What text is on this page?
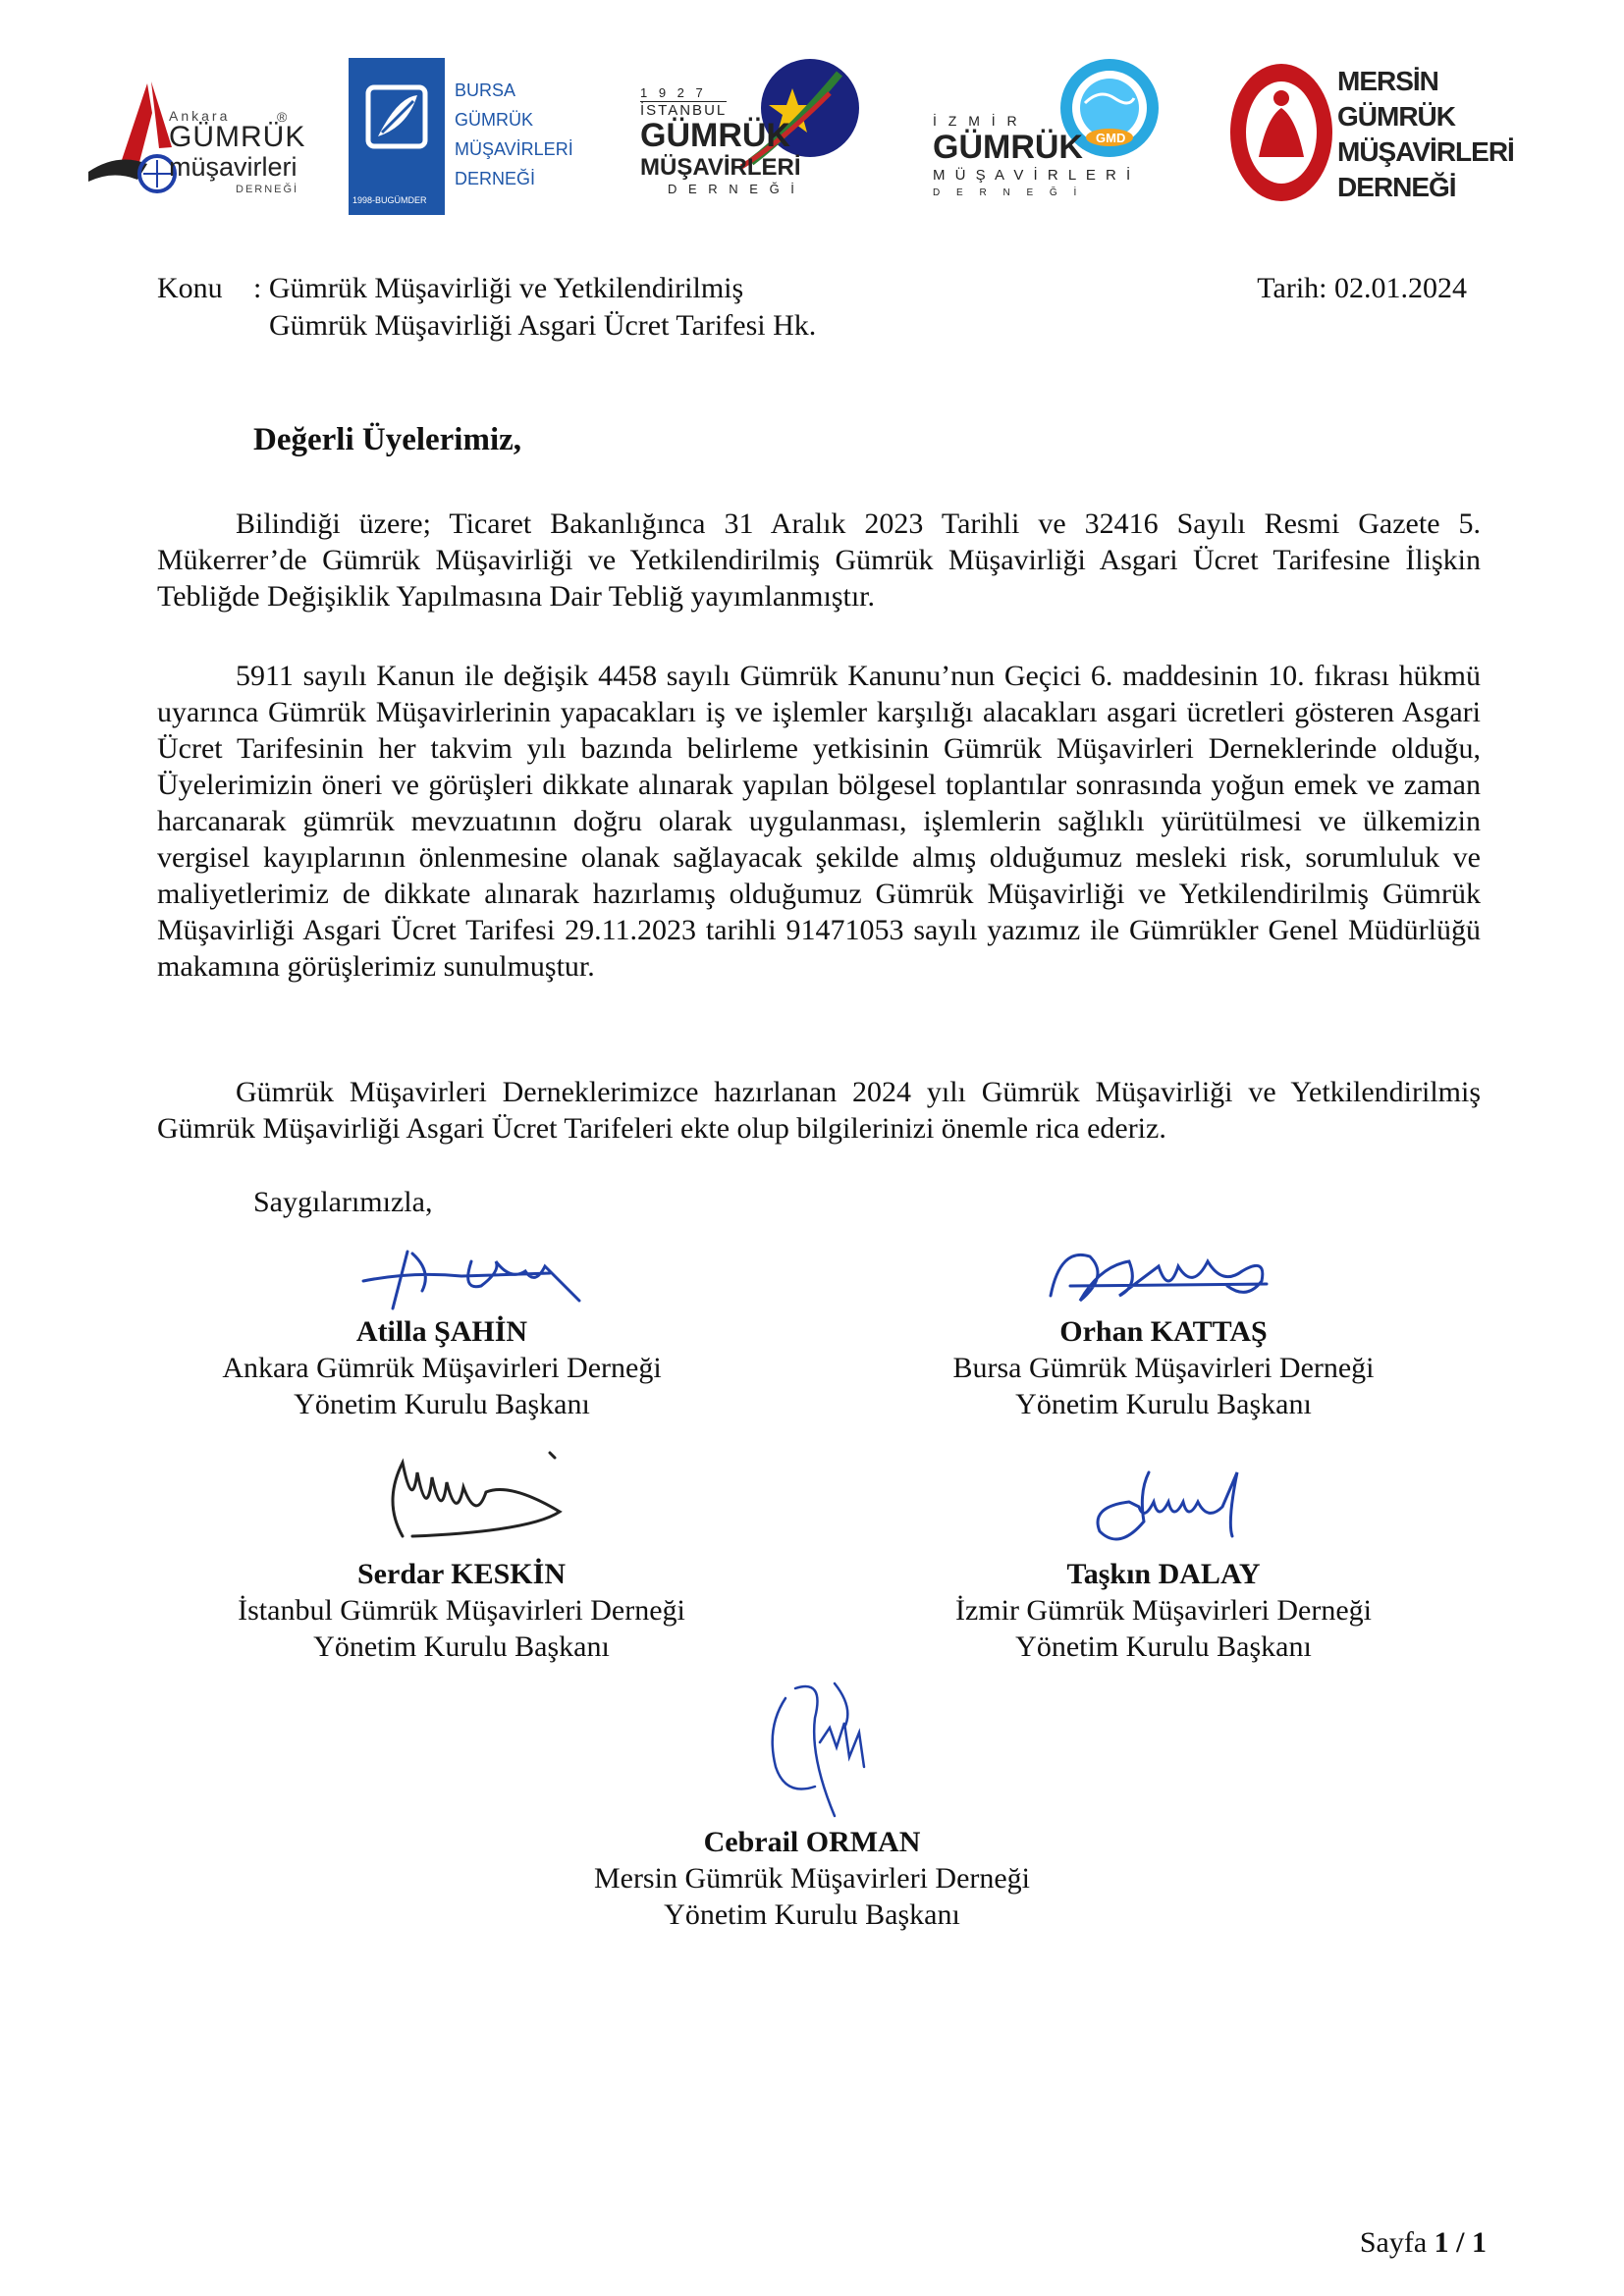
Ankara
GÜMRÜK
müşavirleri
DERNEĞİ
®
1998-BUGÜMDER
BURSA
GÜMRÜK
MÜŞAVİRLERİ
DERNEĞİ
1 9 2 7
İSTANBUL
GÜMRÜK
MÜŞAVİRLERİ
D E R N E Ğ İ
GMD
İ Z M İ R
GÜMRÜK
M Ü Ş A V İ R L E R İ
D E R N E Ğ İ
MERSİN
GÜMRÜK
MÜŞAVİRLERİ
DERNEĞİ
Konu : Gümrük Müşavirliği ve Yetkilendirilmiş
Gümrük Müşavirliği Asgari Ücret Tarifesi Hk.
Tarih: 02.01.2024
Değerli Üyelerimiz,

Bilindiği üzere; Ticaret Bakanlığınca 31 Aralık 2023 Tarihli ve 32416 Sayılı Resmi Gazete 5. Mükerrer’de Gümrük Müşavirliği ve Yetkilendirilmiş Gümrük Müşavirliği Asgari Ücret Tarifesine İlişkin Tebliğde Değişiklik Yapılmasına Dair Tebliğ yayımlanmıştır.

5911 sayılı Kanun ile değişik 4458 sayılı Gümrük Kanunu’nun Geçici 6. maddesinin 10. fıkrası hükmü uyarınca Gümrük Müşavirlerinin yapacakları iş ve işlemler karşılığı alacakları asgari ücretleri gösteren Asgari Ücret Tarifesinin her takvim yılı bazında belirleme yetkisinin Gümrük Müşavirleri Derneklerinde olduğu, Üyelerimizin öneri ve görüşleri dikkate alınarak yapılan bölgesel toplantılar sonrasında yoğun emek ve zaman harcanarak gümrük mevzuatının doğru olarak uygulanması, işlemlerin sağlıklı yürütülmesi ve ülkemizin vergisel kayıplarının önlenmesine olanak sağlayacak şekilde almış olduğumuz mesleki risk, sorumluluk ve maliyetlerimiz de dikkate alınarak hazırlamış olduğumuz Gümrük Müşavirliği ve Yetkilendirilmiş Gümrük Müşavirliği Asgari Ücret Tarifesi 29.11.2023 tarihli 91471053 sayılı yazımız ile Gümrükler Genel Müdürlüğü makamına görüşlerimiz sunulmuştur.

Gümrük Müşavirleri Derneklerimizce hazırlanan 2024 yılı Gümrük Müşavirliği ve Yetkilendirilmiş Gümrük Müşavirliği Asgari Ücret Tarifeleri ekte olup bilgilerinizi önemle rica ederiz.

Saygılarımızla,
Atilla ŞAHİN
Ankara Gümrük Müşavirleri Derneği
Yönetim Kurulu Başkanı
Orhan KATTAŞ
Bursa Gümrük Müşavirleri Derneği
Yönetim Kurulu Başkanı
Serdar KESKİN
İstanbul Gümrük Müşavirleri Derneği
Yönetim Kurulu Başkanı
Taşkın DALAY
İzmir Gümrük Müşavirleri Derneği
Yönetim Kurulu Başkanı
Cebrail ORMAN
Mersin Gümrük Müşavirleri Derneği
Yönetim Kurulu Başkanı
Sayfa 1 / 1
